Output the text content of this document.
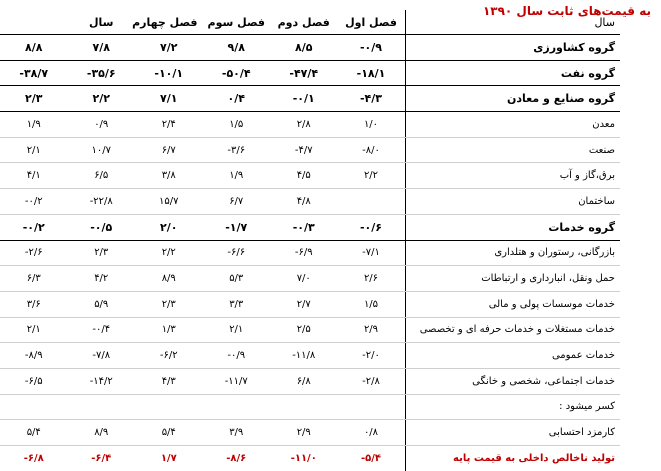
به قیمت‌های ثابت سال ۱۳۹۰
سال	فصل اول	فصل دوم	فصل سوم	فصل چهارم	سال	
گروه کشاورزی	-۰/۹	۸/۵	۹/۸	۷/۲	۷/۸	۸/۸
گروه نفت	-۱۸/۱	-۴۷/۴	-۵۰/۴	-۱۰/۱	-۳۵/۶	-۳۸/۷
گروه صنایع و معادن	-۴/۳	-۰/۱	۰/۴	۷/۱	۲/۲	۲/۳
معدن	۱/۰	۲/۸	۱/۵	۲/۴	۰/۹	۱/۹
صنعت	-۸/۰	-۴/۷	-۳/۶	۶/۷	۱۰/۷	۲/۱
برق،گاز و آب	۲/۲	۴/۵	۱/۹	۳/۸	۶/۵	۴/۱
ساختمان		۴/۸	۶/۷	۱۵/۷	-۲۲/۸	-۰/۲
گروه خدمات	-۰/۶	-۰/۳	-۱/۷	۲/۰	-۰/۵	-۰/۲
بازرگانی، رستوران و هتلداری	-۷/۱	-۶/۹	-۶/۶	۲/۲	۲/۳	-۲/۶
حمل ونقل، انبارداری و ارتباطات	۲/۶	۷/۰	۵/۳	۸/۹	۴/۲	۶/۳
خدمات موسسات پولی و مالی	۱/۵	۲/۷	۳/۳	۲/۳	۵/۹	۳/۶
خدمات مستغلات و خدمات حرفه ای و تخصصی	۲/۹	۲/۵	۲/۱	۱/۳	-۰/۴	۲/۱
خدمات عمومی	-۲/۰	-۱۱/۸	-۰/۹	-۶/۲	-۷/۸	-۸/۹
خدمات اجتماعی، شخصی و خانگی	-۲/۸	۶/۸	-۱۱/۷	۴/۳	-۱۴/۲	-۶/۵
کسر میشود :						
کارمزد احتسابی	۰/۸	۲/۹	۳/۹	۵/۴	۸/۹	۵/۴
تولید ناخالص داخلی به قیمت پایه	-۵/۴	-۱۱/۰	-۸/۶	۱/۷	-۶/۴	-۶/۸
